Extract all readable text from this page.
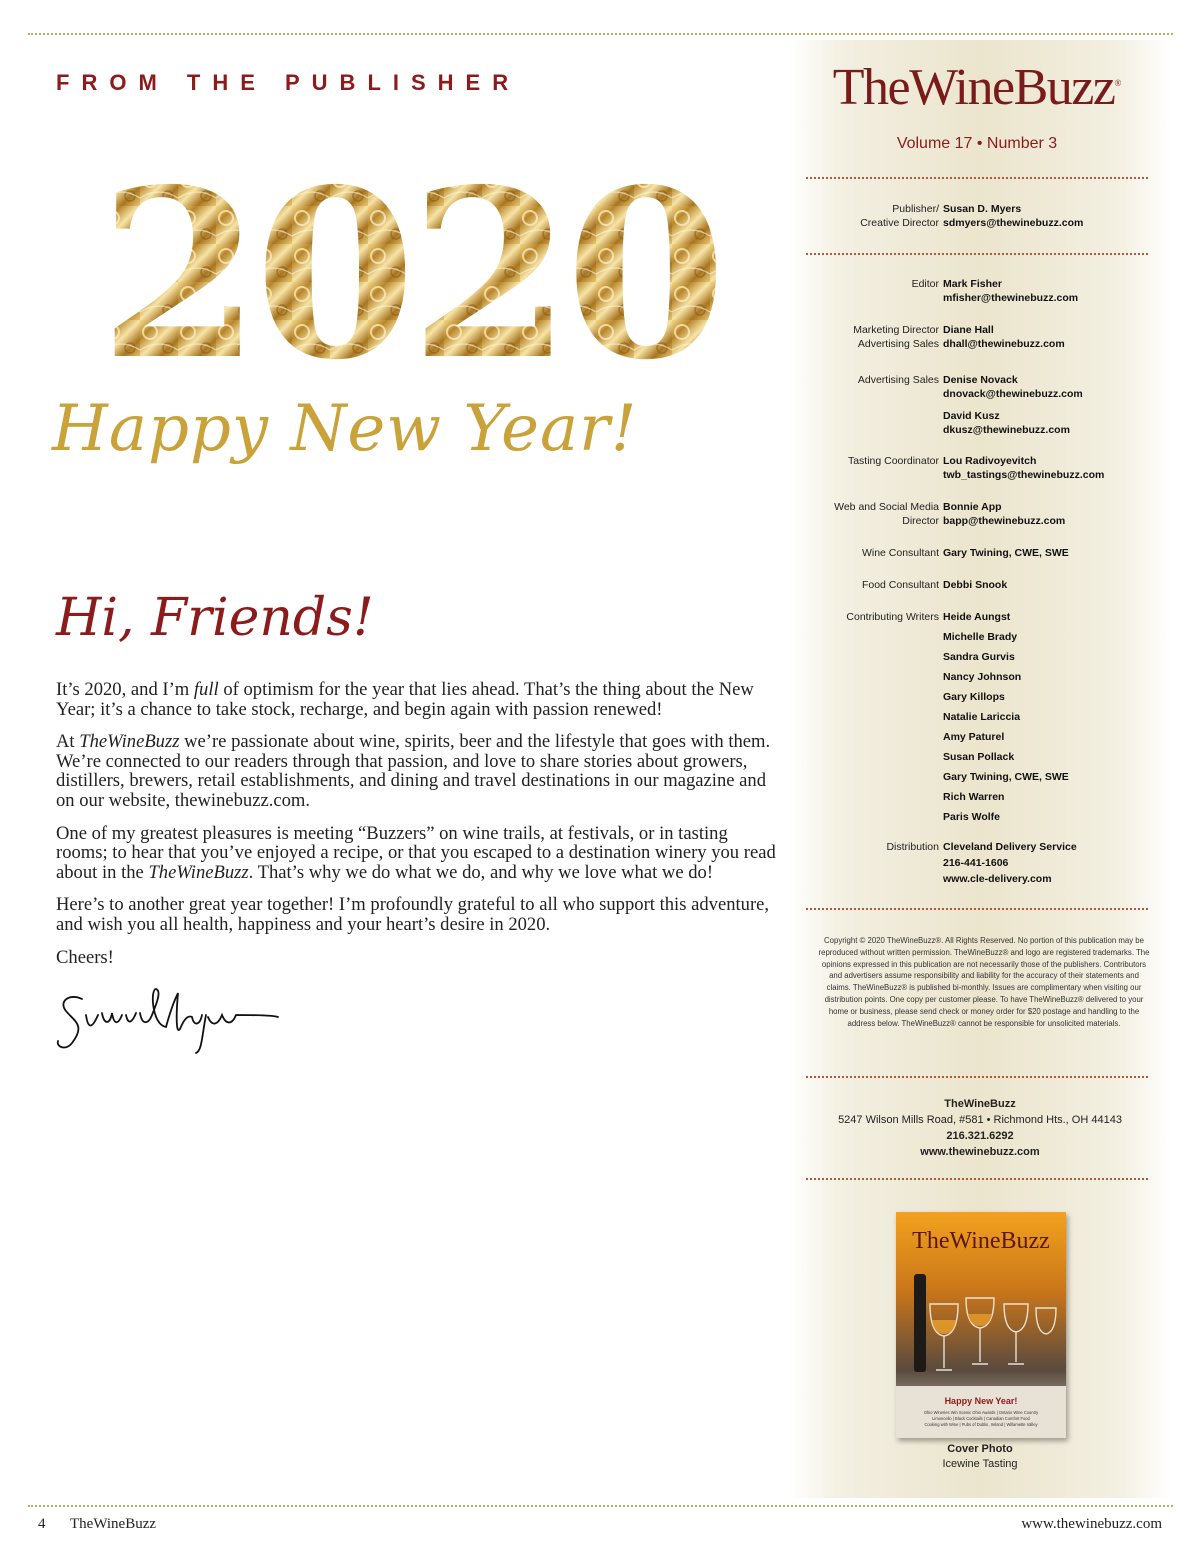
FROM THE PUBLISHER
2020
Happy New Year!
Hi, Friends!

It’s 2020, and I’m full of optimism for the year that lies ahead. That’s the thing about the New Year; it’s a chance to take stock, recharge, and begin again with passion renewed!

At TheWineBuzz we’re passionate about wine, spirits, beer and the lifestyle that goes with them. We’re connected to our readers through that passion, and love to share stories about growers, distillers, brewers, retail establishments, and dining and travel destinations in our magazine and on our website, thewinebuzz.com.

One of my greatest pleasures is meeting “Buzzers” on wine trails, at festivals, or in tasting rooms; to hear that you’ve enjoyed a recipe, or that you escaped to a destination winery you read about in the TheWineBuzz. That’s why we do what we do, and why we love what we do!

Here’s to another great year together! I’m profoundly grateful to all who support this adventure, and wish you all health, happiness and your heart’s desire in 2020.

Cheers!

TheWineBuzz®
Volume 17 • Number 3
Publisher/ Susan D. Myers
Creative Director sdmyers@thewinebuzz.com
Editor Mark Fisher
mfisher@thewinebuzz.com
Marketing Director Diane Hall
Advertising Sales dhall@thewinebuzz.com
Advertising Sales Denise Novack
dnovack@thewinebuzz.com
David Kusz
dkusz@thewinebuzz.com
Tasting Coordinator Lou Radivoyevitch
twb_tastings@thewinebuzz.com
Web and Social Media Bonnie App
Director bapp@thewinebuzz.com
Wine Consultant Gary Twining, CWE, SWE
Food Consultant Debbi Snook
Contributing Writers Heide Aungst
Michelle Brady
Sandra Gurvis
Nancy Johnson
Gary Killops
Natalie Lariccia
Amy Paturel
Susan Pollack
Gary Twining, CWE, SWE
Rich Warren
Paris Wolfe
Distribution Cleveland Delivery Service
216-441-1606
www.cle-delivery.com
Copyright © 2020 TheWineBuzz®. All Rights Reserved. No portion of this publication may be reproduced without written permission. TheWineBuzz® and logo are registered trademarks. The opinions expressed in this publication are not necessarily those of the publishers. Contributors and advertisers assume responsibility and liability for the accuracy of their statements and claims. TheWineBuzz® is published bi-monthly. Issues are complimentary when visiting our distribution points. One copy per customer please. To have TheWineBuzz® delivered to your home or business, please send check or money order for $20 postage and handling to the address below. TheWineBuzz® cannot be responsible for unsolicited materials.
TheWineBuzz
5247 Wilson Mills Road, #581 • Richmond Hts., OH 44143
216.321.6292
www.thewinebuzz.com
TheWineBuzz
Happy New Year!
Ohio Wineries Win Scenic Ohio Awards | Ontario Wine Country
Limoncello | Black Cocktails | Canadian Comfort Food
Cooking with Wine | Pubs of Dublin, Ireland | Willamette Valley
Cover Photo
Icewine Tasting
4 TheWineBuzz	www.thewinebuzz.com
